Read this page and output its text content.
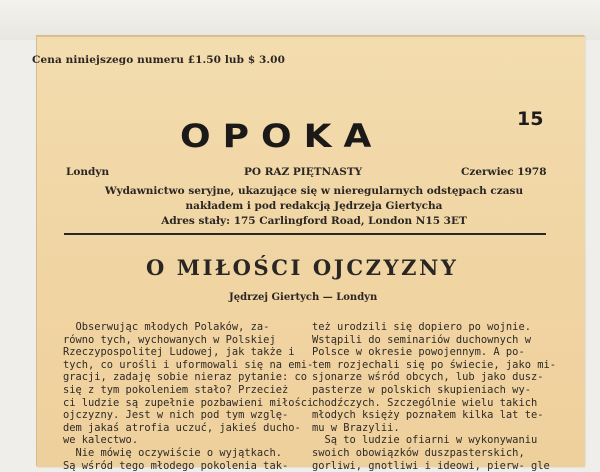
Cena niniejszego numeru £1.50 lub $ 3.00
15
OPOKA
Londyn	PO RAZ PIĘTNASTY	Czerwiec 1978
Wydawnictwo seryjne, ukazujące się w nieregularnych odstępach czasu
nakładem i pod redakcją Jędrzeja Giertycha
Adres stały: 175 Carlingford Road, London N15 3ET
O MIŁOŚCI OJCZYZNY
Jędrzej Giertych — Londyn
Obserwując młodych Polaków, za-
równo tych, wychowanych w Polskiej
Rzeczypospolitej Ludowej, jak także i
tych, co urośli i uformowali się na emi-
gracji, zadaję sobie nieraz pytanie: co
się z tym pokoleniem stało? Przecież
ci ludzie są zupełnie pozbawieni miłości
ojczyzny. Jest w nich pod tym wzglę-
dem jakaś atrofia uczuć, jakieś ducho-
we kalectwo.
Nie mówię oczywiście o wyjątkach.
Są wśród tego młodego pokolenia tak-
też urodzili się dopiero po wojnie.
Wstąpili do seminariów duchownych w
Polsce w okresie powojennym. A po-
tem rozjechali się po świecie, jako mi-
sjonarze wśród obcych, lub jako dusz-
pasterze w polskich skupieniach wy-
chodźczych. Szczególnie wielu takich
młodych księży poznałem kilka lat te-
mu w Brazylii.
Są to ludzie ofiarni w wykonywaniu
swoich obowiązków duszpasterskich,
gorliwi, gnotliwi i ideowi, pierw- gle
